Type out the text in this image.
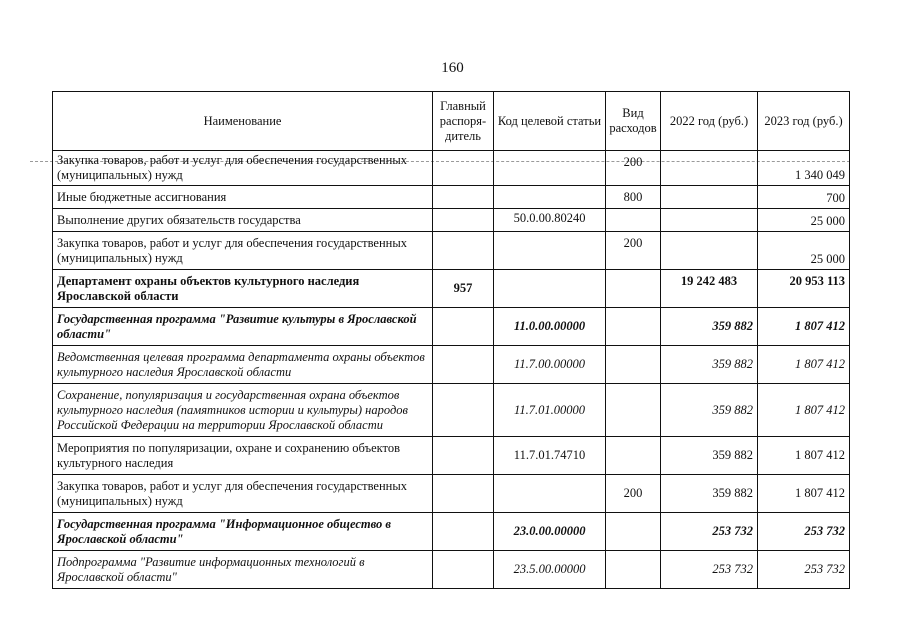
160
Наименование	Главный распоря-дитель	Код целевой статьи	Вид расходов	2022 год (руб.)	2023 год (руб.)
Закупка товаров, работ и услуг для обеспечения государственных (муниципальных) нужд			200		1 340 049
Иные бюджетные ассигнования			800		700
Выполнение других обязательств государства		50.0.00.80240			25 000
Закупка товаров, работ и услуг для обеспечения государственных (муниципальных) нужд			200		25 000
Департамент охраны объектов культурного наследия Ярославской области	957			19 242 483	20 953 113
Государственная программа "Развитие культуры в Ярославской области"		11.0.00.00000		359 882	1 807 412
Ведомственная целевая программа департамента охраны объектов культурного наследия Ярославской области		11.7.00.00000		359 882	1 807 412
Сохранение, популяризация и государственная охрана объектов культурного наследия (памятников истории и культуры) народов Российской Федерации на территории Ярославской области		11.7.01.00000		359 882	1 807 412
Мероприятия по популяризации, охране и сохранению объектов культурного наследия		11.7.01.74710		359 882	1 807 412
Закупка товаров, работ и услуг для обеспечения государственных (муниципальных) нужд			200	359 882	1 807 412
Государственная программа "Информационное общество в Ярославской области"		23.0.00.00000		253 732	253 732
Подпрограмма "Развитие информационных технологий в Ярославской области"		23.5.00.00000		253 732	253 732
